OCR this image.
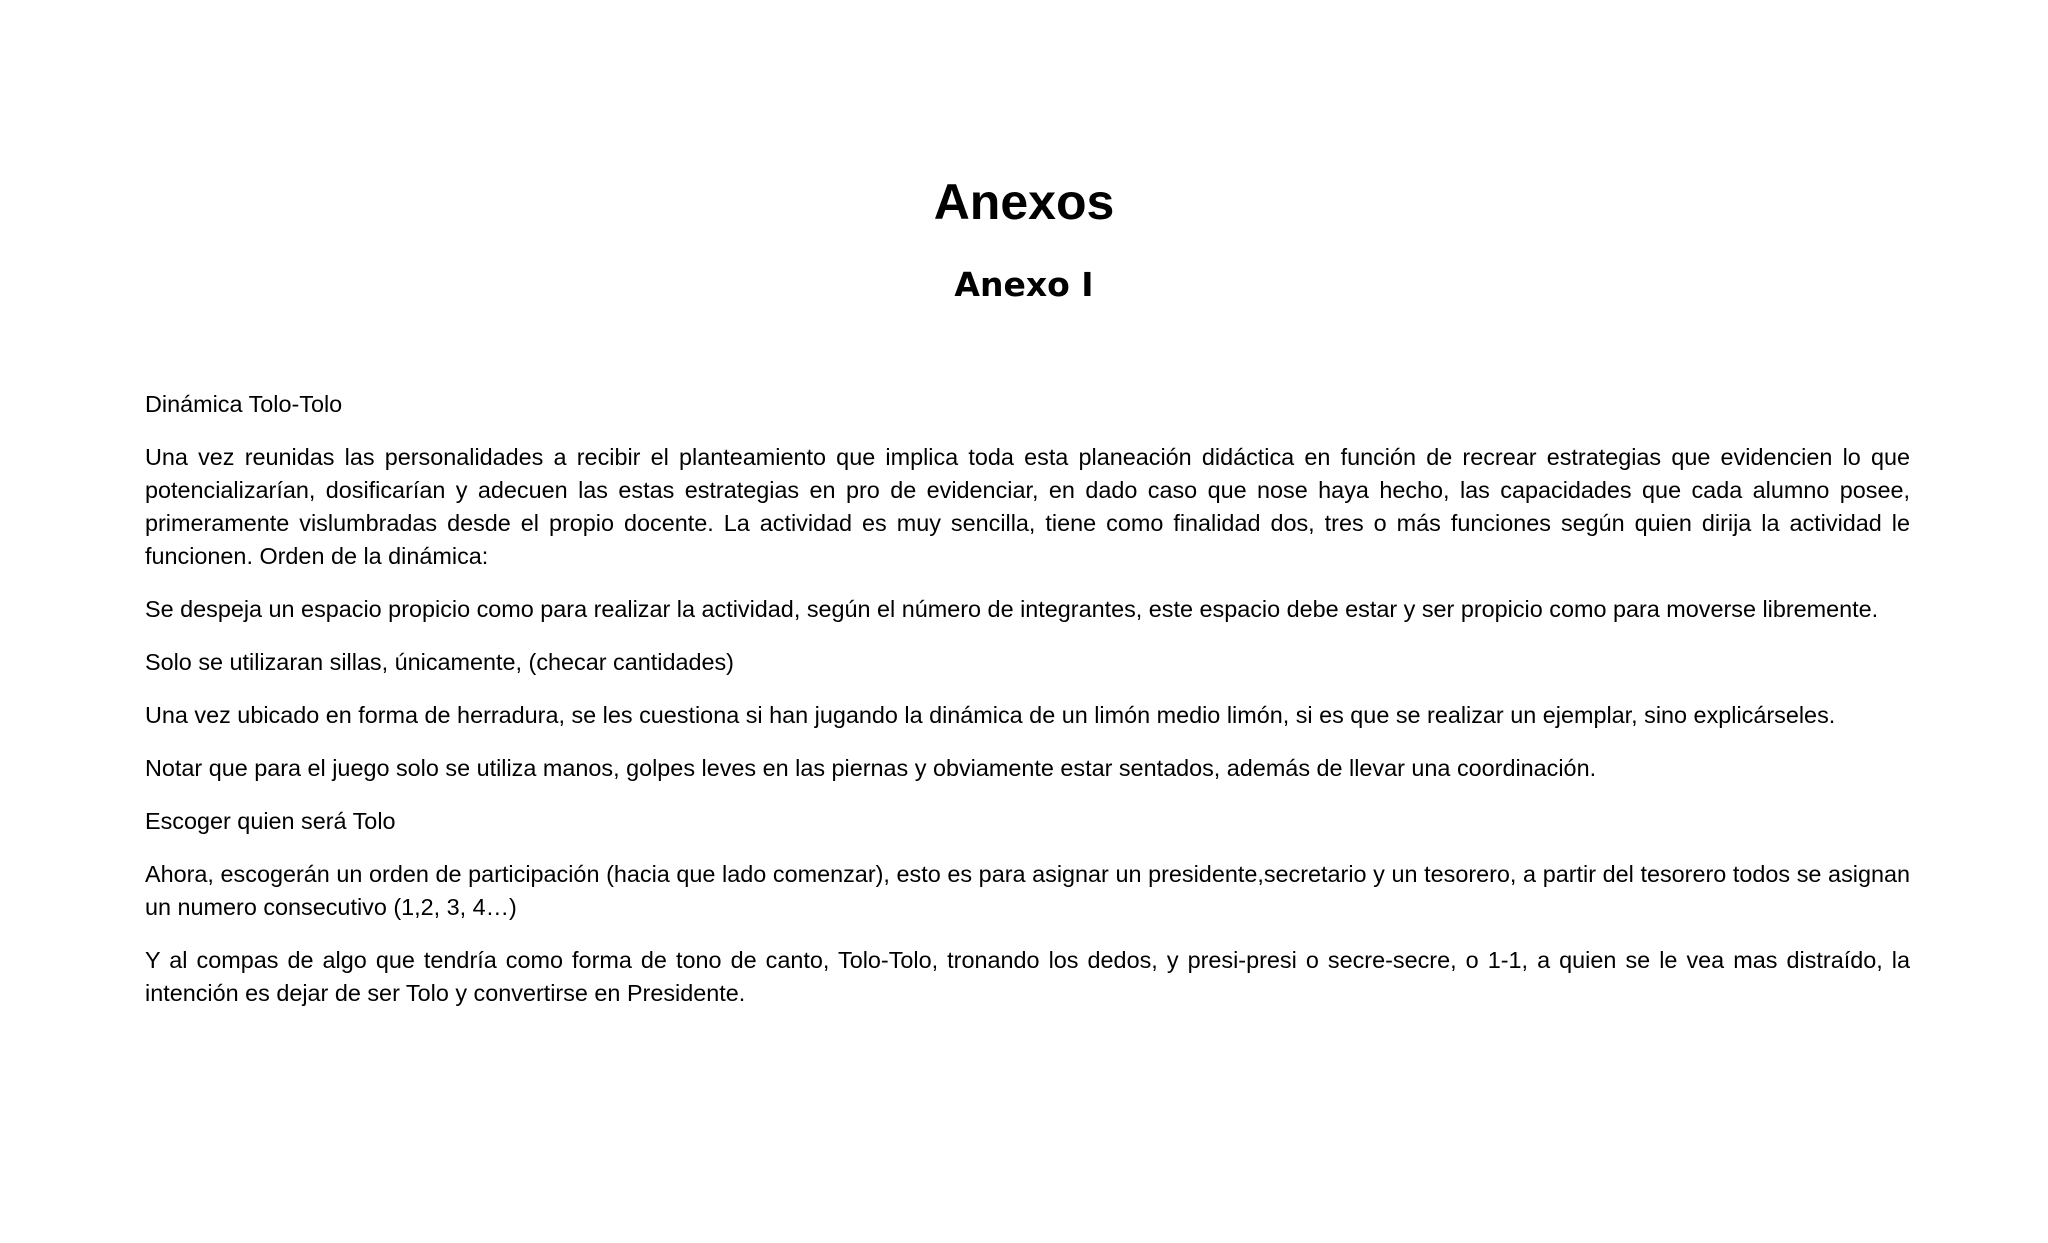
Anexos
Anexo I

Dinámica Tolo-Tolo

Una vez reunidas las personalidades a recibir el planteamiento que implica toda esta planeación didáctica en función de recrear estrategias que evidencien lo que potencializarían, dosificarían y adecuen las estas estrategias en pro de evidenciar, en dado caso que nose haya hecho, las capacidades que cada alumno posee, primeramente vislumbradas desde el propio docente. La actividad es muy sencilla, tiene como finalidad dos, tres o más funciones según quien dirija la actividad le funcionen. Orden de la dinámica:

Se despeja un espacio propicio como para realizar la actividad, según el número de integrantes, este espacio debe estar y ser propicio como para moverse libremente.

Solo se utilizaran sillas, únicamente, (checar cantidades)

Una vez ubicado en forma de herradura, se les cuestiona si han jugando la dinámica de un limón medio limón, si es que se realizar un ejemplar, sino explicárseles.

Notar que para el juego solo se utiliza manos, golpes leves en las piernas y obviamente estar sentados, además de llevar una coordinación.

Escoger quien será Tolo

Ahora, escogerán un orden de participación (hacia que lado comenzar), esto es para asignar un presidente,secretario y un tesorero, a partir del tesorero todos se asignan un numero consecutivo (1,2, 3, 4…)

Y al compas de algo que tendría como forma de tono de canto, Tolo-Tolo, tronando los dedos, y presi-presi o secre-secre, o 1-1, a quien se le vea mas distraído, la intención es dejar de ser Tolo y convertirse en Presidente.
